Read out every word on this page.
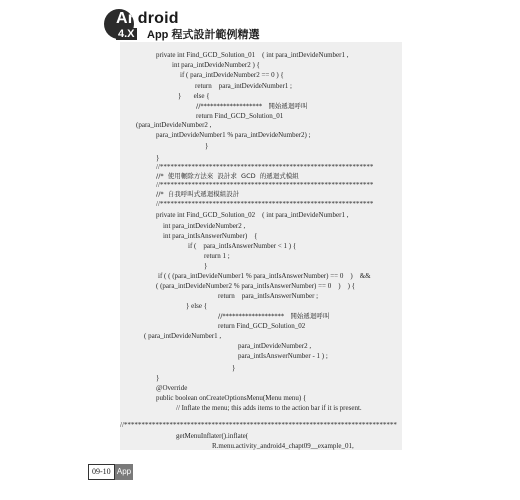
Android
4.X App 程式設計範例精選
private int Find_GCD_Solution_01    ( int para_intDevideNumber1 ,
int para_intDevideNumber2 ) {
if ( para_intDevideNumber2 == 0 ) {
return    para_intDevideNumber1 ;
}       else {
//*******************   開始遞迴呼叫
return Find_GCD_Solution_01
(para_intDevideNumber2 ,
para_intDevideNumber1 % para_intDevideNumber2) ;
}
}
//*************************************************************
//*  使用輾除方法來  設計求  GCD  的遞迴式模組
//*************************************************************
//*  自我呼叫式遞迴模組設計
//*************************************************************
private int Find_GCD_Solution_02    ( int para_intDevideNumber1 ,
int para_intDevideNumber2 ,
int para_intIsAnswerNumber)    {
if (    para_intIsAnswerNumber < 1 ) {
return 1 ;
}
if ( ( (para_intDevideNumber1 % para_intIsAnswerNumber) == 0    )    &&
( (para_intDevideNumber2 % para_intIsAnswerNumber) == 0    )    ) {
return    para_intIsAnswerNumber ;
} else {
//*******************   開始遞迴呼叫
return Find_GCD_Solution_02
( para_intDevideNumber1 ,
para_intDevideNumber2 ,
para_intIsAnswerNumber - 1 ) ;
}
}
@Override
public boolean onCreateOptionsMenu(Menu menu) {
// Inflate the menu; this adds items to the action bar if it is present.
//******************************************************************************
getMenuInflater().inflate(
R.menu.activity_android4_chapt09__example_01,
09-10 App
